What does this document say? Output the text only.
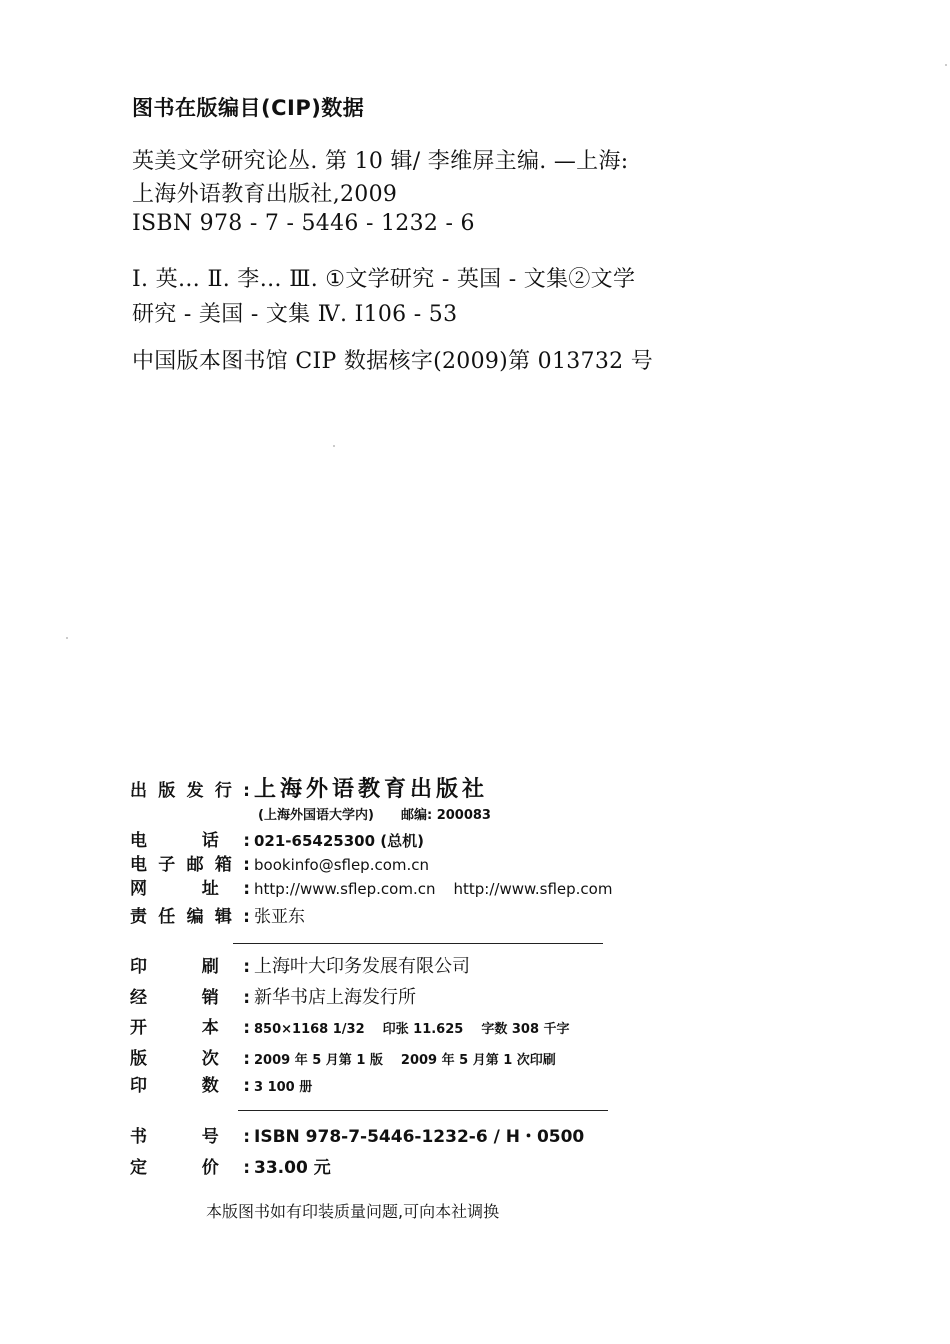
图书在版编目(CIP)数据
英美文学研究论丛. 第 10 辑/ 李维屏主编. —上海:
上海外语教育出版社,2009
ISBN 978 - 7 - 5446 - 1232 - 6
Ⅰ. 英… Ⅱ. 李… Ⅲ. ①文学研究 - 英国 - 文集②文学
研究 - 美国 - 文集 Ⅳ. I106 - 53
中国版本图书馆 CIP 数据核字(2009)第 013732 号
出版发行: 上海外语教育出版社
(上海外国语大学内) 邮编: 200083
电 话: 021-65425300 (总机)
电子邮箱: bookinfo@sflep.com.cn
网 址: http://www.sflep.com.cn http://www.sflep.com
责任编辑: 张亚东
印 刷: 上海叶大印务发展有限公司
经 销: 新华书店上海发行所
开 本: 850×1168 1/32 印张 11.625 字数 308 千字
版 次: 2009 年 5 月第 1 版 2009 年 5 月第 1 次印刷
印 数: 3 100 册
书 号: ISBN 978-7-5446-1232-6 / H・0500
定 价: 33.00 元
本版图书如有印装质量问题,可向本社调换
